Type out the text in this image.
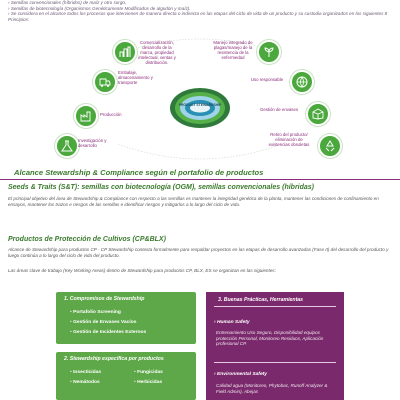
› Semillas convencionales (híbridos) de maíz y otro sorgo,

› Semillas de biotecnología (Organismos Genéticamente Modificados de algodón y maíz).

› Se considera en el alcance todos los procesos que intervienen de manera directa o indirecta en las etapas del ciclo de vida de un producto y su custodia organizados en los siguientes 8 Principios:

PRODUCT STEWARDSHIP
Comercialización, desarrollo de la marca, propiedad intelectual, ventas y distribución.
Manejo integrado de plagas/manejo de la resistencia de la enfermedad
Uso responsable
Gestión de envases
Retiro del producto/ eliminación de existencias obsoletas
Investigación y desarrollo
Producción
Embalaje, almacenamiento y transporte
Alcance Stewardship & Compliance según el portafolio de productos
Seeds & Traits (S&T): semillas con biotecnología (OGM), semillas convencionales (híbridas)
El principal objetivo del área de Stewardship & Compliance con respecto a las semillas es mantener la integridad genética de la planta, mantener las condiciones de confinamiento en ensayos, mantener los trazos e riesgos de las semillas e identificar riesgos y mitigarlos a lo largo del ciclo de vida.
Productos de Protección de Cultivos (CP&BLX)
Alcance de Stewardship para productos CP - CP Stewardship contesta formalmente para respaldar proyectos en las etapas de desarrollo avanzadas (Fase II) del desarrollo del producto y luego continúa a lo largo del ciclo de vida del producto.
Las áreas clave de trabajo (Key Working Areas) dentro de Stewardship para productos CP, BLX, ES se organizan en las siguientes:
1. Compromisos de Stewardship
• Portafolio Screening
• Gestión de Envases Vacíos
• Gestión de Incidentes Externos
2. Stewardship específica por productos
• Insecticidas
• Nemátodos
• Fungicidas
• Herbicidas
3. Buenas Prácticas, Herramientas
› Human Safety
Entrenamiento Uso Seguro, Disponibilidad equipos protección Personal, Monitoreo Residuos, Aplicación profesional CP.
› Environmental Safety
Calidad agua (Monitoreo, Phytobac, Runoff Analyzer & Field Admin), Abejas
